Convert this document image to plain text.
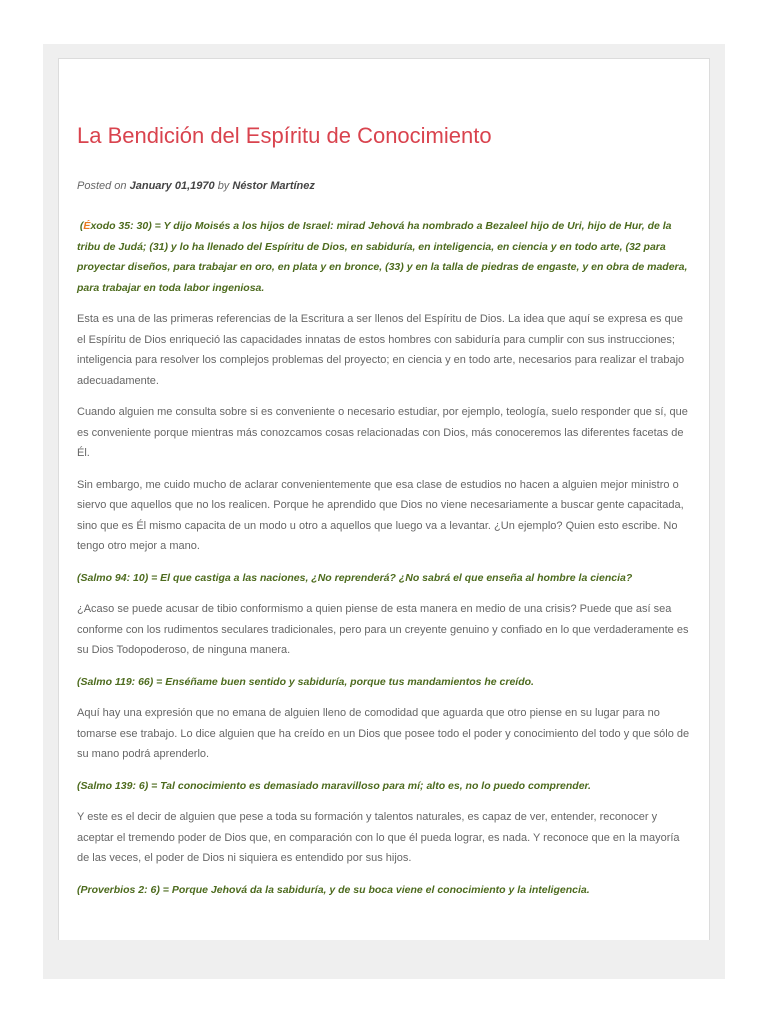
La Bendición del Espíritu de Conocimiento
Posted on January 01,1970 by Néstor Martínez

(Éxodo 35: 30) = Y dijo Moisés a los hijos de Israel: mirad Jehová ha nombrado a Bezaleel hijo de Uri, hijo de Hur, de la tribu de Judá; (31) y lo ha llenado del Espíritu de Dios, en sabiduría, en inteligencia, en ciencia y en todo arte, (32 para proyectar diseños, para trabajar en oro, en plata y en bronce, (33) y en la talla de piedras de engaste, y en obra de madera, para trabajar en toda labor ingeniosa.

Esta es una de las primeras referencias de la Escritura a ser llenos del Espíritu de Dios. La idea que aquí se expresa es que el Espíritu de Dios enriqueció las capacidades innatas de estos hombres con sabiduría para cumplir con sus instrucciones; inteligencia para resolver los complejos problemas del proyecto; en ciencia y en todo arte, necesarios para realizar el trabajo adecuadamente.

Cuando alguien me consulta sobre si es conveniente o necesario estudiar, por ejemplo, teología, suelo responder que sí, que es conveniente porque mientras más conozcamos cosas relacionadas con Dios, más conoceremos las diferentes facetas de Él.

Sin embargo, me cuido mucho de aclarar convenientemente que esa clase de estudios no hacen a alguien mejor ministro o siervo que aquellos que no los realicen. Porque he aprendido que Dios no viene necesariamente a buscar gente capacitada, sino que es Él mismo capacita de un modo u otro a aquellos que luego va a levantar. ¿Un ejemplo? Quien esto escribe. No tengo otro mejor a mano.

(Salmo 94: 10) = El que castiga a las naciones, ¿No reprenderá? ¿No sabrá el que enseña al hombre la ciencia?

¿Acaso se puede acusar de tibio conformismo a quien piense de esta manera en medio de una crisis? Puede que así sea conforme con los rudimentos seculares tradicionales, pero para un creyente genuino y confiado en lo que verdaderamente es su Dios Todopoderoso, de ninguna manera.

(Salmo 119: 66) = Enséñame buen sentido y sabiduría, porque tus mandamientos he creído.

Aquí hay una expresión que no emana de alguien lleno de comodidad que aguarda que otro piense en su lugar para no tomarse ese trabajo. Lo dice alguien que ha creído en un Dios que posee todo el poder y conocimiento del todo y que sólo de su mano podrá aprenderlo.

(Salmo 139: 6) = Tal conocimiento es demasiado maravilloso para mí; alto es, no lo puedo comprender.

Y este es el decir de alguien que pese a toda su formación y talentos naturales, es capaz de ver, entender, reconocer y aceptar el tremendo poder de Dios que, en comparación con lo que él pueda lograr, es nada. Y reconoce que en la mayoría de las veces, el poder de Dios ni siquiera es entendido por sus hijos.

(Proverbios 2: 6) = Porque Jehová da la sabiduría, y de su boca viene el conocimiento y la inteligencia.
